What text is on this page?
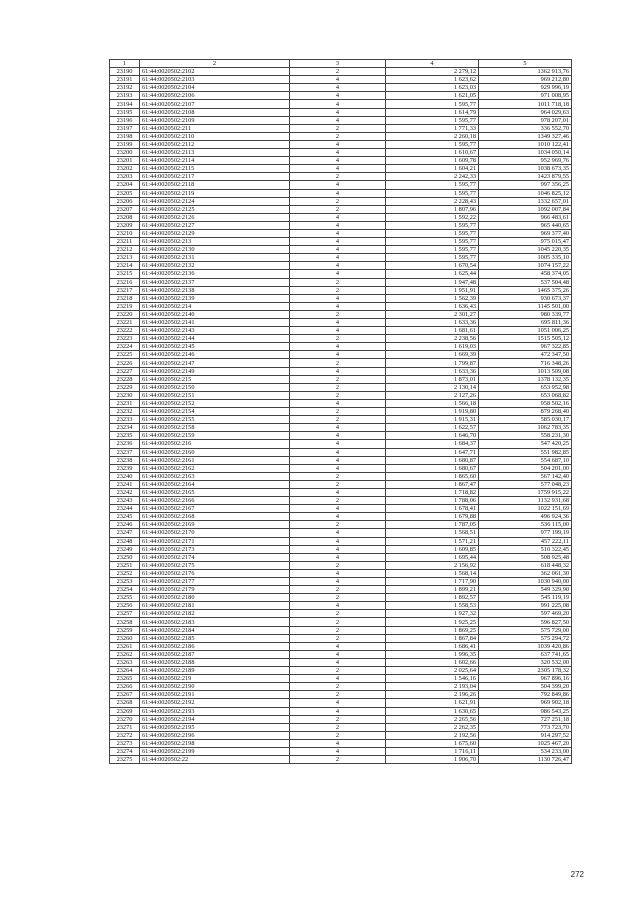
1	2	3	4	5
23190	61:44:0020502:2102	2	2 279,12	1362 913,76
23191	61:44:0020502:2103	4	1 623,62	969 212,80
23192	61:44:0020502:2104	4	1 623,03	929 996,19
23193	61:44:0020502:2106	4	1 621,05	971 008,95
23194	61:44:0020502:2107	4	1 595,77	1011 718,18
23195	61:44:0020502:2108	4	1 614,79	964 029,63
23196	61:44:0020502:2109	4	1 595,77	978 207,01
23197	61:44:0020502:211	2	1 771,33	336 552,70
23198	61:44:0020502:2110	2	2 260,18	1349 327,46
23199	61:44:0020502:2112	4	1 595,77	1010 122,41
23200	61:44:0020502:2113	4	1 610,67	1034 050,14
23201	61:44:0020502:2114	4	1 609,78	952 969,76
23202	61:44:0020502:2115	4	1 604,21	1038 673,35
23203	61:44:0020502:2117	2	2 242,33	1423 879,55
23204	61:44:0020502:2118	4	1 595,77	997 356,25
23205	61:44:0020502:2119	4	1 595,77	1046 825,12
23206	61:44:0020502:2124	2	2 228,43	1332 657,01
23207	61:44:0020502:2125	2	1 807,96	1092 007,84
23208	61:44:0020502:2126	4	1 592,22	966 483,61
23209	61:44:0020502:2127	4	1 595,77	965 440,65
23210	61:44:0020502:2129	4	1 595,77	969 377,40
23211	61:44:0020502:213	4	1 595,77	975 015,47
23212	61:44:0020502:2130	4	1 595,77	1045 220,35
23213	61:44:0020502:2131	4	1 595,77	1005 335,10
23214	61:44:0020502:2132	4	1 670,54	1074 157,22
23215	61:44:0020502:2136	4	1 625,44	458 374,05
23216	61:44:0020502:2137	2	1 947,48	537 504,48
23217	61:44:0020502:2138	2	1 951,91	1465 375,26
23218	61:44:0020502:2139	4	1 562,39	930 673,37
23219	61:44:0020502:214	4	1 636,43	1145 501,00
23220	61:44:0020502:2140	2	2 301,27	980 339,77
23221	61:44:0020502:2141	4	1 633,36	695 811,36
23222	61:44:0020502:2143	4	1 681,61	1051 006,25
23223	61:44:0020502:2144	2	2 238,56	1515 505,12
23224	61:44:0020502:2145	4	1 619,03	967 322,85
23225	61:44:0020502:2146	4	1 669,39	472 347,50
23226	61:44:0020502:2147	2	1 799,87	716 348,26
23227	61:44:0020502:2149	4	1 633,36	1013 509,08
23228	61:44:0020502:215	2	1 873,01	1378 132,35
23229	61:44:0020502:2150	2	2 130,14	653 952,98
23230	61:44:0020502:2151	2	2 127,26	653 068,82
23231	61:44:0020502:2152	4	1 566,18	958 502,16
23232	61:44:0020502:2154	2	1 919,80	879 268,40
23233	61:44:0020502:2155	2	1 915,31	585 030,17
23234	61:44:0020502:2158	4	1 622,57	1062 783,35
23235	61:44:0020502:2159	4	1 646,70	558 231,30
23236	61:44:0020502:216	4	1 684,37	547 420,25
23237	61:44:0020502:2160	4	1 647,71	551 982,85
23238	61:44:0020502:2161	4	1 680,87	554 687,10
23239	61:44:0020502:2162	4	1 680,67	504 201,00
23240	61:44:0020502:2163	2	1 865,60	567 142,40
23241	61:44:0020502:2164	2	1 867,47	577 048,23
23242	61:44:0020502:2165	4	1 718,82	1759 915,22
23243	61:44:0020502:2166	2	1 788,06	1132 931,68
23244	61:44:0020502:2167	4	1 678,41	1022 151,69
23245	61:44:0020502:2168	4	1 679,88	496 924,36
23246	61:44:0020502:2169	2	1 787,05	536 115,00
23247	61:44:0020502:2170	4	1 568,51	977 199,19
23248	61:44:0020502:2171	4	1 571,21	457 222,11
23249	61:44:0020502:2173	4	1 609,85	510 322,45
23250	61:44:0020502:2174	4	1 695,44	508 925,48
23251	61:44:0020502:2175	2	2 156,92	618 448,32
23252	61:44:0020502:2176	4	1 568,14	362 061,30
23253	61:44:0020502:2177	4	1 717,90	1030 940,00
23254	61:44:0020502:2179	2	1 899,21	549 329,90
23255	61:44:0020502:2180	2	1 892,57	545 119,19
23256	61:44:0020502:2181	4	1 558,53	991 225,08
23257	61:44:0020502:2182	2	1 927,32	597 469,20
23258	61:44:0020502:2183	2	1 925,25	596 827,50
23259	61:44:0020502:2184	2	1 869,25	575 729,00
23260	61:44:0020502:2185	2	1 867,84	575 294,72
23261	61:44:0020502:2186	4	1 686,41	1039 420,86
23262	61:44:0020502:2187	4	1 996,35	637 741,65
23263	61:44:0020502:2188	4	1 602,66	320 532,00
23264	61:44:0020502:2189	2	2 025,64	2305 178,32
23265	61:44:0020502:219	4	1 546,16	967 896,16
23266	61:44:0020502:2190	2	2 193,04	504 399,20
23267	61:44:0020502:2191	2	2 196,26	792 849,86
23268	61:44:0020502:2192	4	1 621,91	969 902,18
23269	61:44:0020502:2193	4	1 630,65	986 543,25
23270	61:44:0020502:2194	2	2 265,56	727 251,18
23271	61:44:0020502:2195	2	2 262,35	773 723,70
23272	61:44:0020502:2196	2	2 192,56	914 297,52
23273	61:44:0020502:2198	4	1 675,60	1025 467,20
23274	61:44:0020502:2199	4	1 716,11	534 233,00
23275	61:44:0020502:22	2	1 906,70	1130 726,47
272
